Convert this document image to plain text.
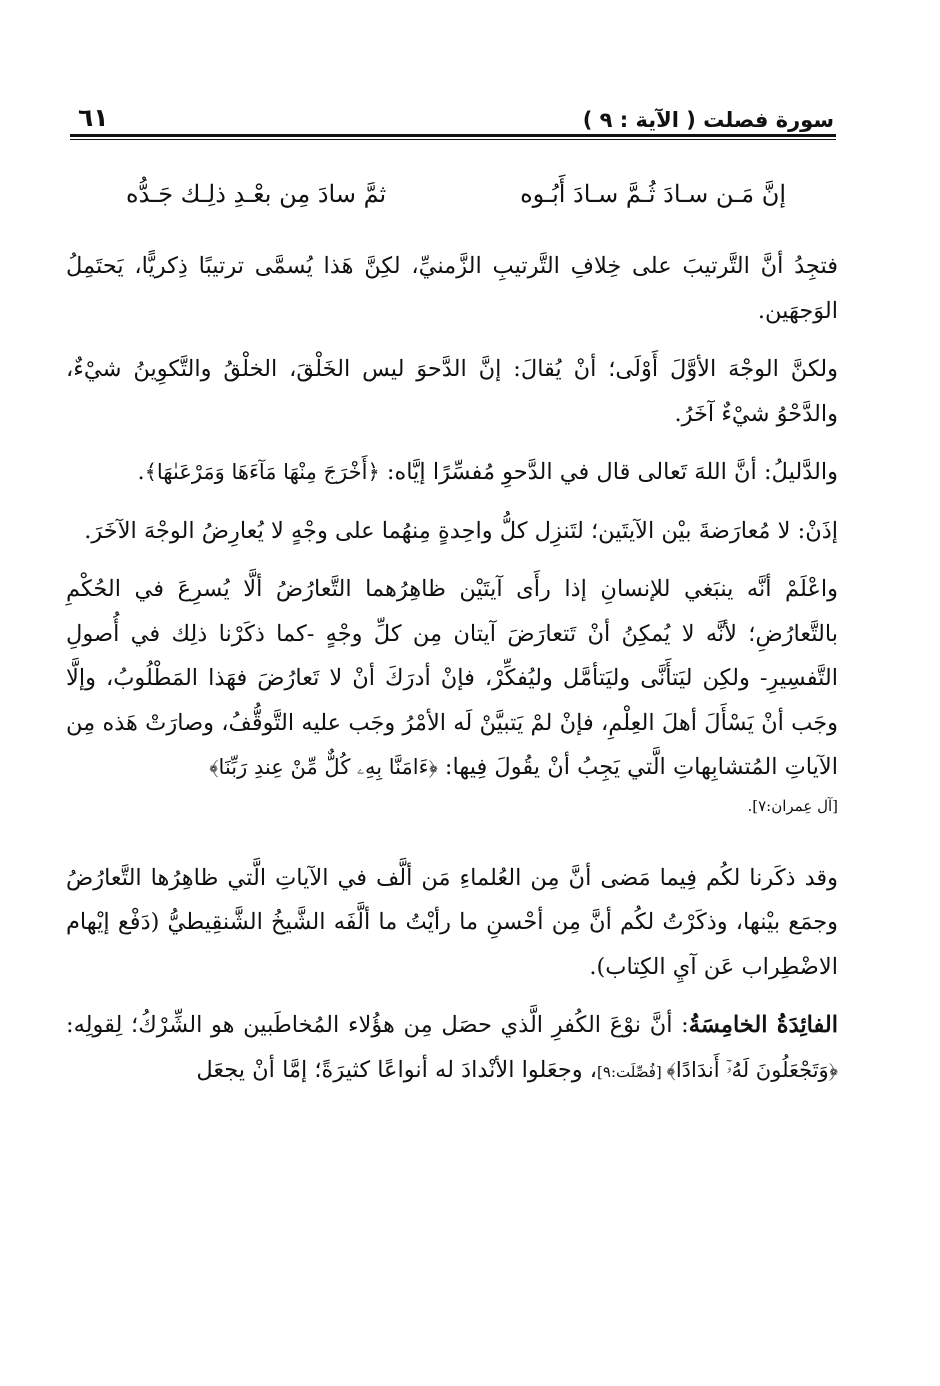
سورة فصلت ( الآية : ٩ )
٦١
إنَّ مَـن سـادَ ثُـمَّ سـادَ أَبُـوه
ثمَّ سادَ مِن بعْـدِ ذلِـك جَـدُّه

فتجِدُ أنَّ التَّرتيبَ على خِلافِ التَّرتيبِ الزَّمنيِّ، لكِنَّ هَذا يُسمَّى ترتيبًا ذِكريًّا، يَحتَمِلُ الوَجهَين.

ولكنَّ الوجْهَ الأوَّلَ أَوْلَى؛ أنْ يُقالَ: إنَّ الدَّحوَ ليس الخَلْقَ، الخلْقُ والتَّكوِينُ شيْءٌ، والدَّحْوُ شيْءٌ آخَرُ.

والدَّليلُ: أنَّ اللهَ تَعالى قال في الدَّحوِ مُفسِّرًا إيَّاه: ﴿أَخْرَجَ مِنْهَا مَآءَهَا وَمَرْعَىٰهَا﴾.

إذَنْ: لا مُعارَضةَ بيْن الآيتَين؛ لتَنزِل كلُّ واحِدةٍ مِنهُما على وجْهٍ لا يُعارِضُ الوجْهَ الآخَرَ.

واعْلَمْ أنَّه ينبَغي للإنسانِ إذا رأَى آيتَيْن ظاهِرُهما التَّعارُضُ ألَّا يُسرِعَ في الحُكْمِ بالتَّعارُضِ؛ لأنَّه لا يُمكِنُ أنْ تَتعارَضَ آيتان مِن كلِّ وجْهٍ -كما ذكَرْنا ذلِك في أُصولِ التَّفسِيرِ- ولكِن ليَتأَنَّى وليَتأمَّل وليُفكِّرْ، فإنْ أدرَكَ أنْ لا تَعارُضَ فهَذا المَطْلُوبُ، وإلَّا وجَب أنْ يَسْأَلَ أهلَ العِلْمِ، فإنْ لمْ يَتبيَّنْ لَه الأمْرُ وجَب عليه التَّوقُّفُ، وصارَتْ هَذه مِن الآياتِ المُتشابِهاتِ الَّتي يَجِبُ أنْ يقُولَ فِيها: ﴿ءَامَنَّا بِهِۦ كُلٌّ مِّنْ عِندِ رَبِّنَا﴾

[آل عِمران:٧].

وقد ذكَرنا لكُم فِيما مَضى أنَّ مِن العُلماءِ مَن ألَّف في الآياتِ الَّتي ظاهِرُها التَّعارُضُ وجمَع بيْنها، وذكَرْتُ لكُم أنَّ مِن أحْسنِ ما رأيْتُ ما ألَّفَه الشَّيخُ الشَّنقِيطيُّ (دَفْع إيْهام الاضْطِراب عَن آيِ الكِتاب).

الفائِدَةُ الخامِسَةُ: أنَّ نوْعَ الكُفرِ الَّذي حصَل مِن هؤُلاء المُخاطَبين هو الشِّرْكُ؛ لِقولِه: ﴿وَتَجْعَلُونَ لَهُۥٓ أَندَادًا﴾ [فُصِّلَت:٩]، وجعَلوا الأنْدادَ له أنواعًا كثيرَةً؛ إمَّا أنْ يجعَل
